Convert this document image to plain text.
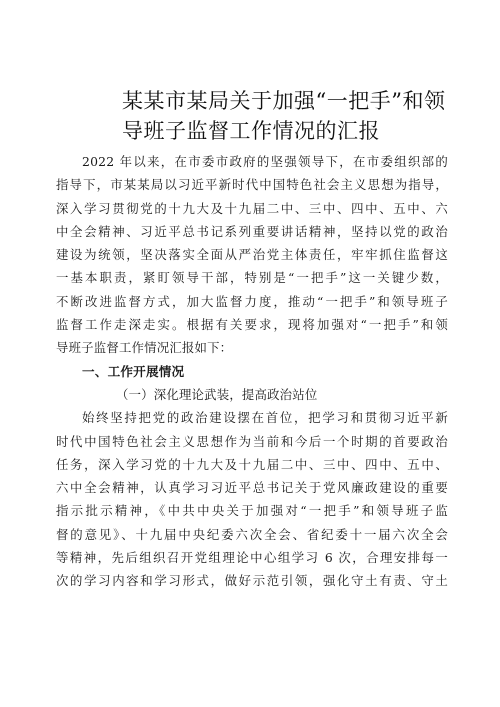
某某市某局关于加强“一把手”和领
导班子监督工作情况的汇报
2022 年以来，在市委市政府的坚强领导下，在市委组织部的
指导下，市某某局以习近平新时代中国特色社会主义思想为指导，
深入学习贯彻党的十九大及十九届二中、三中、四中、五中、六
中全会精神、习近平总书记系列重要讲话精神，坚持以党的政治
建设为统领，坚决落实全面从严治党主体责任，牢牢抓住监督这
一基本职责，紧盯领导干部，特别是“一把手”这一关键少数，
不断改进监督方式，加大监督力度，推动“一把手”和领导班子
监督工作走深走实。根据有关要求，现将加强对“一把手”和领
导班子监督工作情况汇报如下：
一、工作开展情况
（一）深化理论武装，提高政治站位
始终坚持把党的政治建设摆在首位，把学习和贯彻习近平新
时代中国特色社会主义思想作为当前和今后一个时期的首要政治
任务，深入学习党的十九大及十九届二中、三中、四中、五中、
六中全会精神，认真学习习近平总书记关于党风廉政建设的重要
指示批示精神，《中共中央关于加强对“一把手”和领导班子监
督的意见》、十九届中央纪委六次全会、省纪委十一届六次全会
等精神，先后组织召开党组理论中心组学习 6 次，合理安排每一
次的学习内容和学习形式，做好示范引领，强化守土有责、守土
